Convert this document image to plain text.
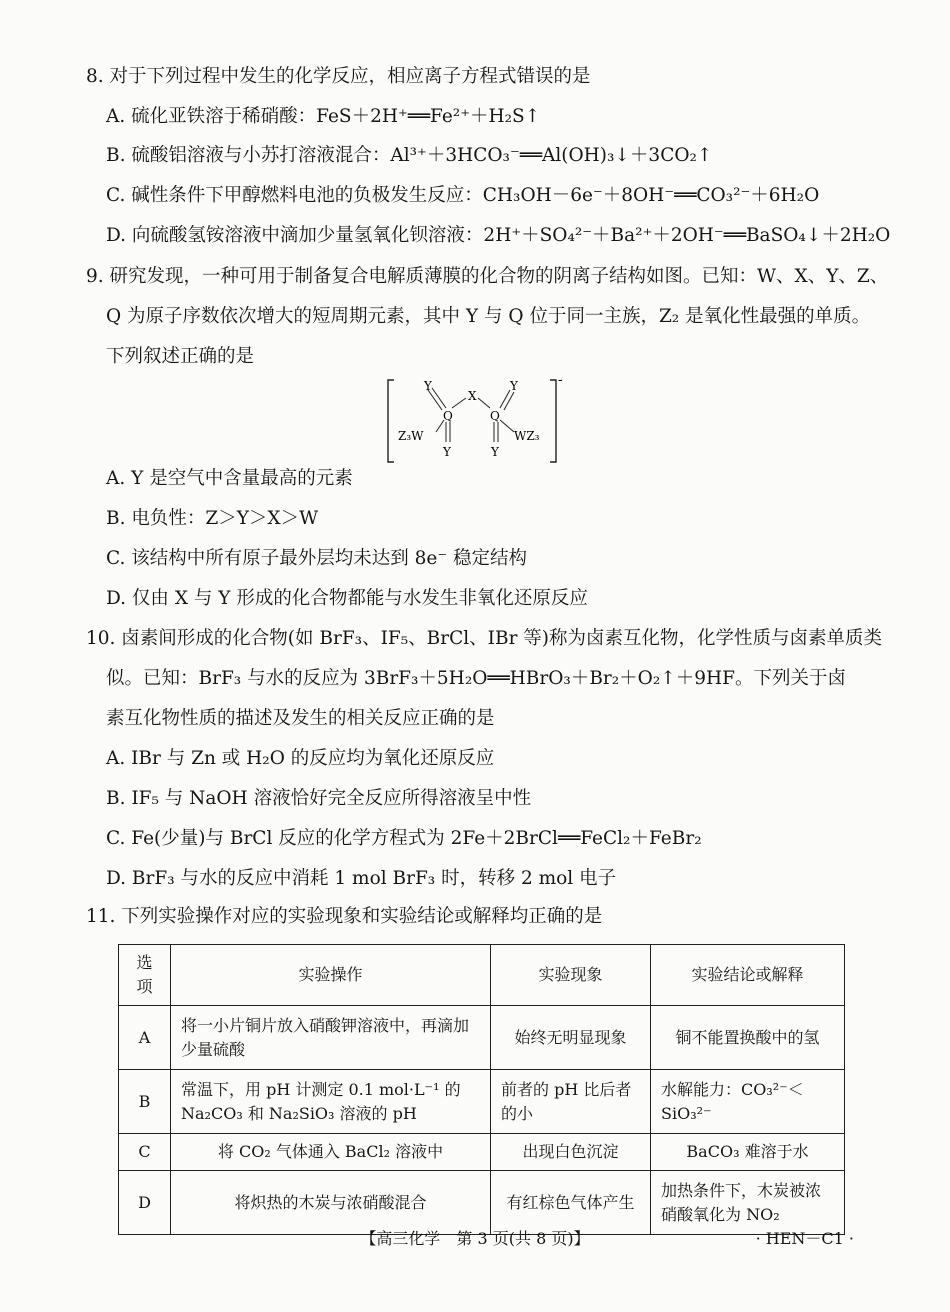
8. 对于下列过程中发生的化学反应，相应离子方程式错误的是
A. 硫化亚铁溶于稀硝酸：FeS＋2H⁺══Fe²⁺＋H₂S↑
B. 硫酸铝溶液与小苏打溶液混合：Al³⁺＋3HCO₃⁻══Al(OH)₃↓＋3CO₂↑
C. 碱性条件下甲醇燃料电池的负极发生反应：CH₃OH－6e⁻＋8OH⁻══CO₃²⁻＋6H₂O
D. 向硫酸氢铵溶液中滴加少量氢氧化钡溶液：2H⁺＋SO₄²⁻＋Ba²⁺＋2OH⁻══BaSO₄↓＋2H₂O
9. 研究发现，一种可用于制备复合电解质薄膜的化合物的阴离子结构如图。已知：W、X、Y、Z、
Q 为原子序数依次增大的短周期元素，其中 Y 与 Q 位于同一主族，Z₂ 是氧化性最强的单质。
下列叙述正确的是
Y
X
Y
Q	Q
Z₃W	WZ₃
Y	Y
-
A. Y 是空气中含量最高的元素
B. 电负性：Z＞Y＞X＞W
C. 该结构中所有原子最外层均未达到 8e⁻ 稳定结构
D. 仅由 X 与 Y 形成的化合物都能与水发生非氧化还原反应
10. 卤素间形成的化合物(如 BrF₃、IF₅、BrCl、IBr 等)称为卤素互化物，化学性质与卤素单质类
似。已知：BrF₃ 与水的反应为 3BrF₃＋5H₂O══HBrO₃＋Br₂＋O₂↑＋9HF。下列关于卤
素互化物性质的描述及发生的相关反应正确的是
A. IBr 与 Zn 或 H₂O 的反应均为氧化还原反应
B. IF₅ 与 NaOH 溶液恰好完全反应所得溶液呈中性
C. Fe(少量)与 BrCl 反应的化学方程式为 2Fe＋2BrCl══FeCl₂＋FeBr₂
D. BrF₃ 与水的反应中消耗 1 mol BrF₃ 时，转移 2 mol 电子
11. 下列实验操作对应的实验现象和实验结论或解释均正确的是
选项	实验操作	实验现象	实验结论或解释
A	将一小片铜片放入硝酸钾溶液中，再滴加少量硫酸	始终无明显现象	铜不能置换酸中的氢
B	常温下，用 pH 计测定 0.1 mol·L⁻¹ 的 Na₂CO₃ 和 Na₂SiO₃ 溶液的 pH	前者的 pH 比后者的小	水解能力：CO₃²⁻＜SiO₃²⁻
C	将 CO₂ 气体通入 BaCl₂ 溶液中	出现白色沉淀	BaCO₃ 难溶于水
D	将炽热的木炭与浓硝酸混合	有红棕色气体产生	加热条件下，木炭被浓硝酸氧化为 NO₂
【高三化学　第 3 页(共 8 页)】	· HEN－C1 ·
